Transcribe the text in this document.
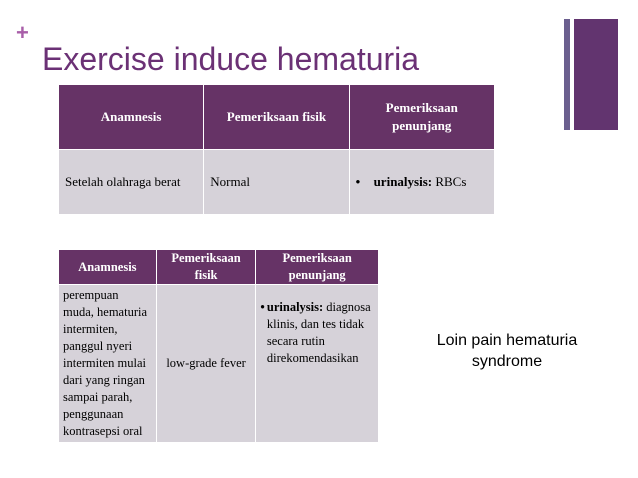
+
Exercise induce hematuria
Anamnesis	Pemeriksaan fisik	Pemeriksaan penunjang
Setelah olahraga berat	Normal	• urinalysis: RBCs
Anamnesis	Pemeriksaan fisik	Pemeriksaan penunjang
perempuan muda, hematuria intermiten, panggul nyeri intermiten mulai dari yang ringan sampai parah, penggunaan kontrasepsi oral	low-grade fever	• urinalysis: diagnosa klinis, dan tes tidak secara rutin direkomendasikan
Loin pain hematuria syndrome
